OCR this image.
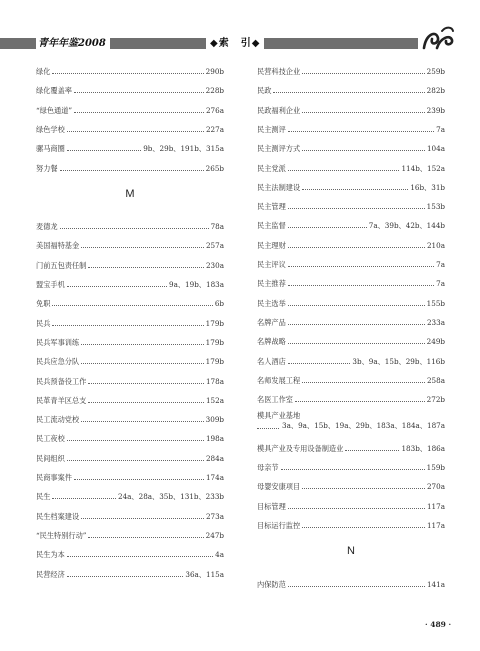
青年年鉴2008	◆索　引◆
绿化	290b
绿化覆盖率	228b
“绿色通道”	276a
绿色学校	227a
骡马商圈	9b、29b、191b、315a
努力餐	265b
M
麦德龙	78a
美国福特基金	257a
门前五包责任制	230a
盟宝手机	9a、19b、183a
免职	6b
民兵	179b
民兵军事训练	179b
民兵应急分队	179b
民兵预备役工作	178a
民革青羊区总支	152a
民工流动党校	309b
民工夜校	198a
民间组织	284a
民商事案件	174a
民生	24a、28a、35b、131b、233b
民生档案建设	273a
“民生特别行动”	247b
民生为本	4a
民营经济	36a、115a
民营科技企业	259b
民政	282b
民政福利企业	239b
民主测评	7a
民主测评方式	104a
民主党派	114b、152a
民主法制建设	16b、31b
民主管理	153b
民主监督	7a、39b、42b、144b
民主理财	210a
民主评议	7a
民主推荐	7a
民主选举	155b
名牌产品	233a
名牌战略	249b
名人酒店	3b、9a、15b、29b、116b
名师发展工程	258a
名医工作室	272b
模具产业基地
3a、9a、15b、19a、29b、183a、184a、187a
模具产业及专用设备制造业	183b、186a
母亲节	159b
母婴安康项目	270a
目标管理	117a
目标运行监控	117a
N
内保防范	141a
· 489 ·
